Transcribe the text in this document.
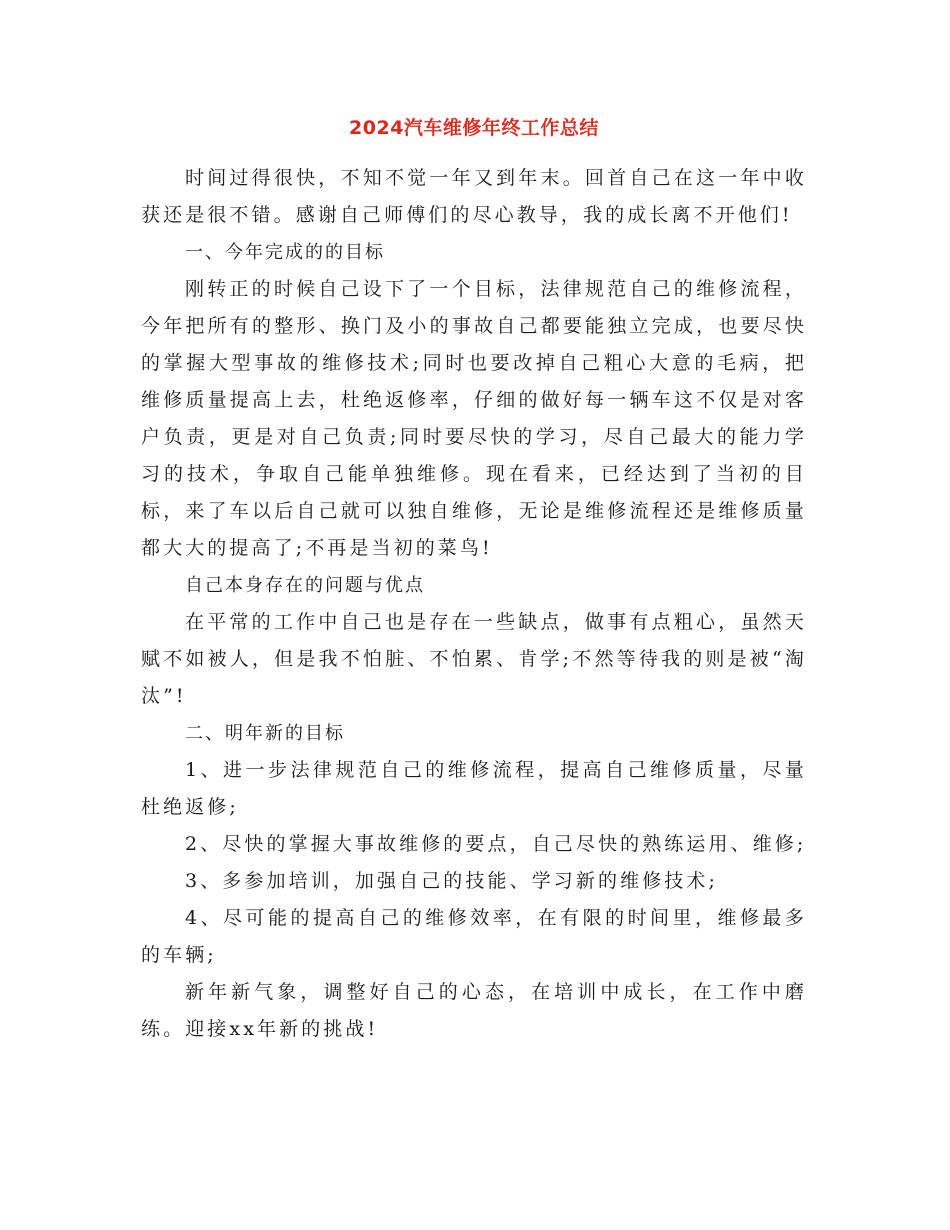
2024汽车维修年终工作总结

时间过得很快，不知不觉一年又到年末。回首自己在这一年中收获还是很不错。感谢自己师傅们的尽心教导，我的成长离不开他们!

一、今年完成的的目标

刚转正的时候自己设下了一个目标，法律规范自己的维修流程，今年把所有的整形、换门及小的事故自己都要能独立完成，也要尽快的掌握大型事故的维修技术;同时也要改掉自己粗心大意的毛病，把维修质量提高上去，杜绝返修率，仔细的做好每一辆车这不仅是对客户负责，更是对自己负责;同时要尽快的学习，尽自己最大的能力学习的技术，争取自己能单独维修。现在看来，已经达到了当初的目标，来了车以后自己就可以独自维修，无论是维修流程还是维修质量都大大的提高了;不再是当初的菜鸟!

自己本身存在的问题与优点

在平常的工作中自己也是存在一些缺点，做事有点粗心，虽然天赋不如被人，但是我不怕脏、不怕累、肯学;不然等待我的则是被“淘汰”!

二、明年新的目标

1、进一步法律规范自己的维修流程，提高自己维修质量，尽量杜绝返修;

2、尽快的掌握大事故维修的要点，自己尽快的熟练运用、维修;

3、多参加培训，加强自己的技能、学习新的维修技术;

4、尽可能的提高自己的维修效率，在有限的时间里，维修最多的车辆;

新年新气象，调整好自己的心态，在培训中成长，在工作中磨练。迎接xx年新的挑战!
